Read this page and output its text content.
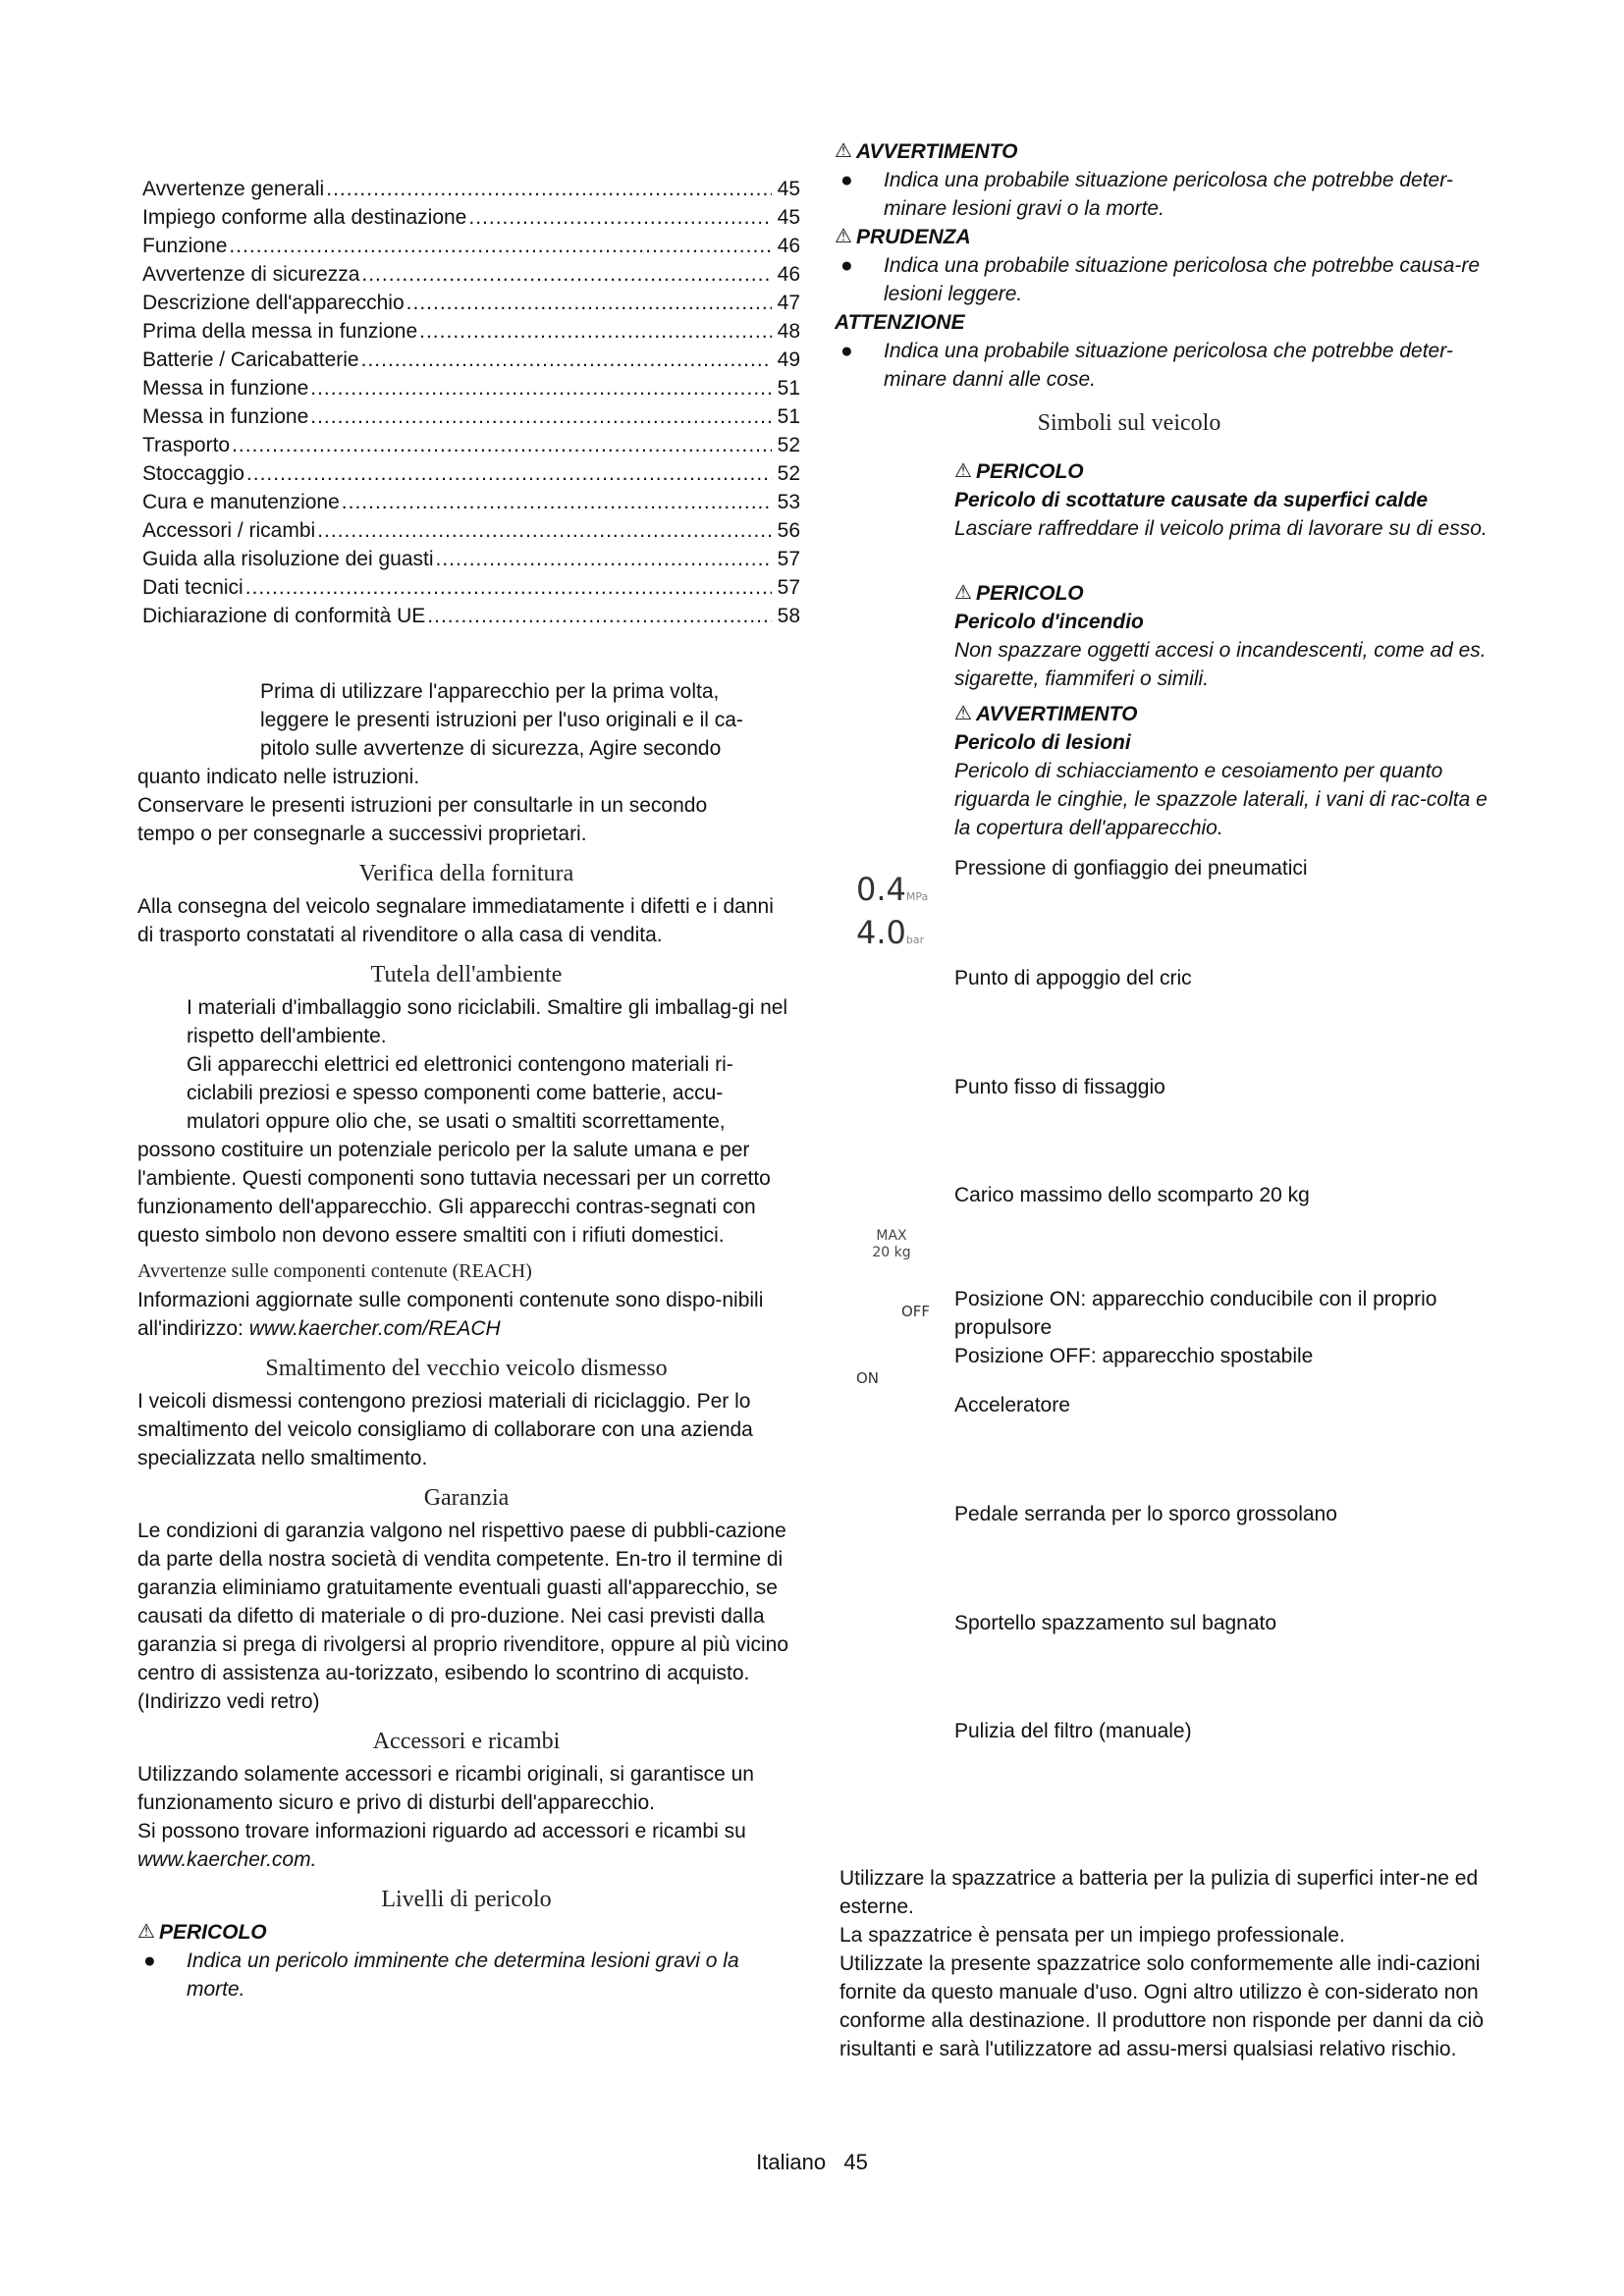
Avvertenze generali .....	45
Impiego conforme alla destinazione .....	45
Funzione .....	46
Avvertenze di sicurezza .....	46
Descrizione dell'apparecchio .....	47
Prima della messa in funzione .....	48
Batterie / Caricabatterie .....	49
Messa in funzione .....	51
Messa in funzione .....	51
Trasporto .....	52
Stoccaggio .....	52
Cura e manutenzione .....	53
Accessori / ricambi .....	56
Guida alla risoluzione dei guasti .....	57
Dati tecnici .....	57
Dichiarazione di conformità UE .....	58

Prima di utilizzare l'apparecchio per la prima volta,

leggere le presenti istruzioni per l'uso originali e il ca-

pitolo sulle avvertenze di sicurezza, Agire secondo

quanto indicato nelle istruzioni.

Conservare le presenti istruzioni per consultarle in un secondo

tempo o per consegnarle a successivi proprietari.

Verifica della fornitura

Alla consegna del veicolo segnalare immediatamente i difetti e i danni di trasporto constatati al rivenditore o alla casa di vendita.

Tutela dell'ambiente

I materiali d'imballaggio sono riciclabili. Smaltire gli imballag-gi nel rispetto dell'ambiente.

Gli apparecchi elettrici ed elettronici contengono materiali ri-ciclabili preziosi e spesso componenti come batterie, accu-mulatori oppure olio che, se usati o smaltiti scorrettamente,

possono costituire un potenziale pericolo per la salute umana e per l'ambiente. Questi componenti sono tuttavia necessari per un corretto funzionamento dell'apparecchio. Gli apparecchi contras-segnati con questo simbolo non devono essere smaltiti con i rifiuti domestici.

Avvertenze sulle componenti contenute (REACH)

Informazioni aggiornate sulle componenti contenute sono dispo-nibili all'indirizzo: www.kaercher.com/REACH

Smaltimento del vecchio veicolo dismesso

I veicoli dismessi contengono preziosi materiali di riciclaggio. Per lo smaltimento del veicolo consigliamo di collaborare con una azienda specializzata nello smaltimento.

Garanzia

Le condizioni di garanzia valgono nel rispettivo paese di pubbli-cazione da parte della nostra società di vendita competente. En-tro il termine di garanzia eliminiamo gratuitamente eventuali guasti all'apparecchio, se causati da difetto di materiale o di pro-duzione. Nei casi previsti dalla garanzia si prega di rivolgersi al proprio rivenditore, oppure al più vicino centro di assistenza au-torizzato, esibendo lo scontrino di acquisto.

(Indirizzo vedi retro)

Accessori e ricambi

Utilizzando solamente accessori e ricambi originali, si garantisce un funzionamento sicuro e privo di disturbi dell'apparecchio.

Si possono trovare informazioni riguardo ad accessori e ricambi su www.kaercher.com.

Livelli di pericolo
⚠ PERICOLO
●	Indica un pericolo imminente che determina lesioni gravi o la morte.
⚠ AVVERTIMENTO
●	Indica una probabile situazione pericolosa che potrebbe deter-minare lesioni gravi o la morte.
⚠ PRUDENZA
●	Indica una probabile situazione pericolosa che potrebbe causa-re lesioni leggere.
ATTENZIONE
●	Indica una probabile situazione pericolosa che potrebbe deter-minare danni alle cose.
Simboli sul veicolo
⚠ PERICOLO

Pericolo di scottature causate da superfici calde

Lasciare raffreddare il veicolo prima di lavorare su di esso.

⚠ PERICOLO

Pericolo d'incendio

Non spazzare oggetti accesi o incandescenti, come ad es. sigarette, fiammiferi o simili.

⚠ AVVERTIMENTO

Pericolo di lesioni

Pericolo di schiacciamento e cesoiamento per quanto riguarda le cinghie, le spazzole laterali, i vani di rac-colta e la copertura dell'apparecchio.

0.4MPa
4.0bar

Pressione di gonfiaggio dei pneumatici

Punto di appoggio del cric

Punto fisso di fissaggio

Carico massimo dello scomparto 20 kg

MAX
20 kg
OFF
ON

Posizione ON: apparecchio conducibile con il proprio propulsore

Posizione OFF: apparecchio spostabile

Acceleratore

Pedale serranda per lo sporco grossolano

Sportello spazzamento sul bagnato

Pulizia del filtro (manuale)

Utilizzare la spazzatrice a batteria per la pulizia di superfici inter-ne ed esterne.

La spazzatrice è pensata per un impiego professionale.

Utilizzate la presente spazzatrice solo conformemente alle indi-cazioni fornite da questo manuale d'uso. Ogni altro utilizzo è con-siderato non conforme alla destinazione. Il produttore non risponde per danni da ciò risultanti e sarà l'utilizzatore ad assu-mersi qualsiasi relativo rischio.

Italiano 45
